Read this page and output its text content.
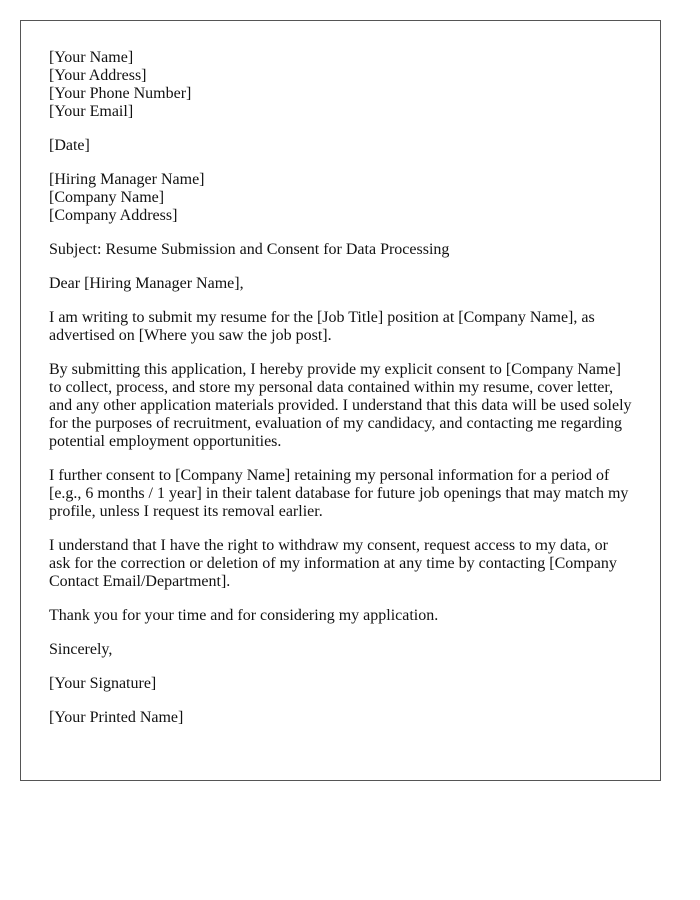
[Your Name]
[Your Address]
[Your Phone Number]
[Your Email]

[Date]

[Hiring Manager Name]
[Company Name]
[Company Address]

Subject: Resume Submission and Consent for Data Processing

Dear [Hiring Manager Name],

I am writing to submit my resume for the [Job Title] position at [Company Name], as
advertised on [Where you saw the job post].

By submitting this application, I hereby provide my explicit consent to [Company Name]
to collect, process, and store my personal data contained within my resume, cover letter,
and any other application materials provided. I understand that this data will be used solely
for the purposes of recruitment, evaluation of my candidacy, and contacting me regarding
potential employment opportunities.

I further consent to [Company Name] retaining my personal information for a period of
[e.g., 6 months / 1 year] in their talent database for future job openings that may match my
profile, unless I request its removal earlier.

I understand that I have the right to withdraw my consent, request access to my data, or
ask for the correction or deletion of my information at any time by contacting [Company
Contact Email/Department].

Thank you for your time and for considering my application.

Sincerely,

[Your Signature]

[Your Printed Name]
